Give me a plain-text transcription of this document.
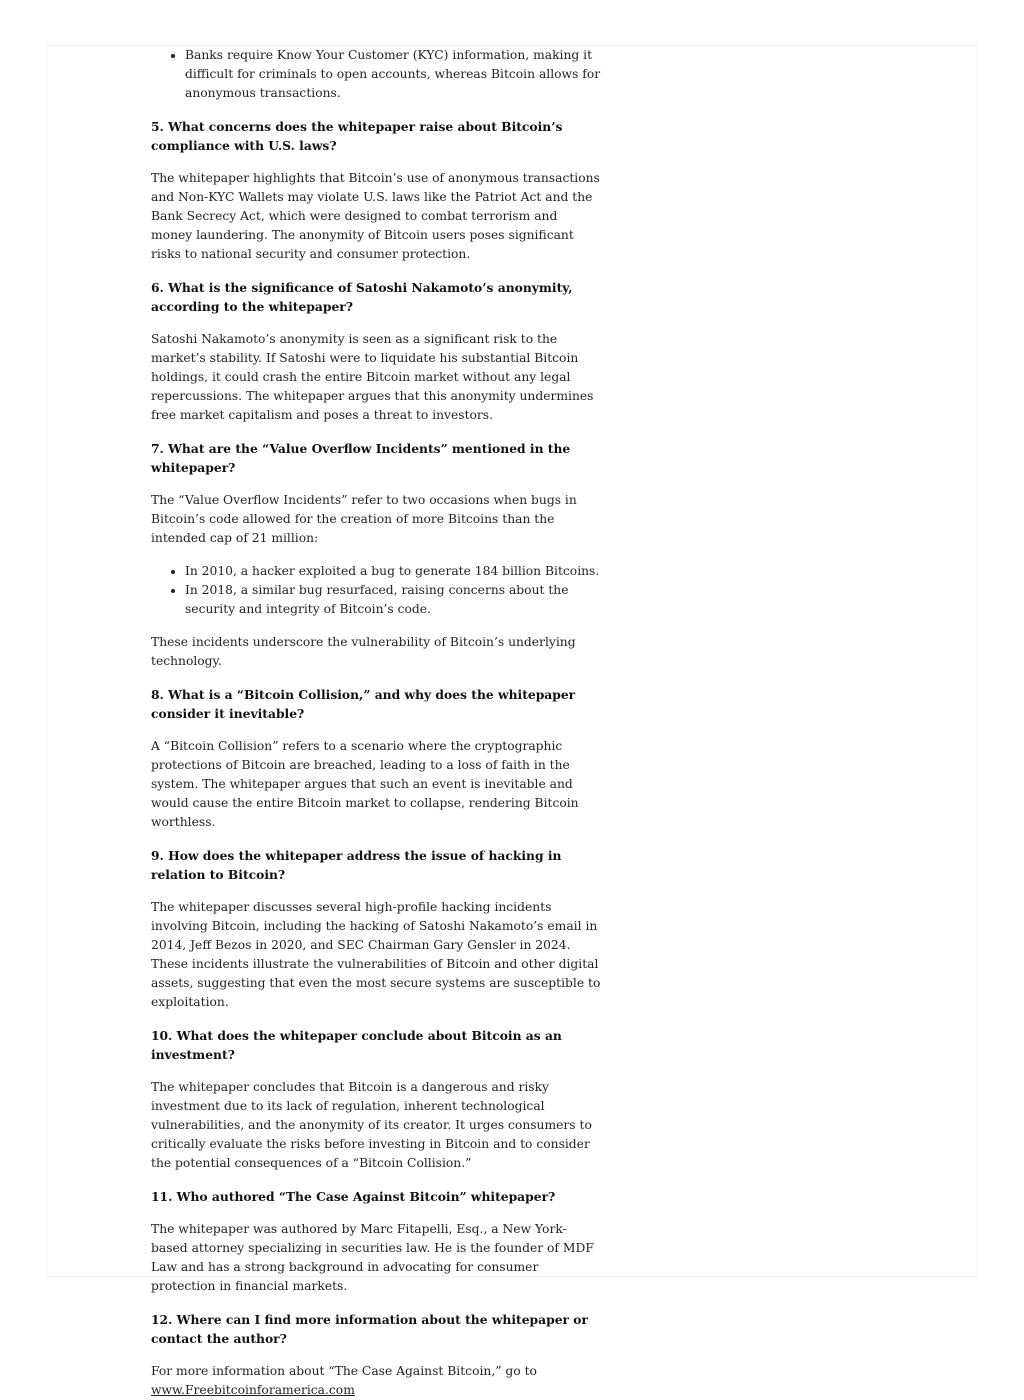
• Banks require Know Your Customer (KYC) information, making it difficult for criminals to open accounts, whereas Bitcoin allows for anonymous transactions.
5. What concerns does the whitepaper raise about Bitcoin’s compliance with U.S. laws?

The whitepaper highlights that Bitcoin’s use of anonymous transactions and Non-KYC Wallets may violate U.S. laws like the Patriot Act and the Bank Secrecy Act, which were designed to combat terrorism and money laundering. The anonymity of Bitcoin users poses significant risks to national security and consumer protection.

6. What is the significance of Satoshi Nakamoto’s anonymity, according to the whitepaper?

Satoshi Nakamoto’s anonymity is seen as a significant risk to the market’s stability. If Satoshi were to liquidate his substantial Bitcoin holdings, it could crash the entire Bitcoin market without any legal repercussions. The whitepaper argues that this anonymity undermines free market capitalism and poses a threat to investors.

7. What are the “Value Overflow Incidents” mentioned in the whitepaper?

The “Value Overflow Incidents” refer to two occasions when bugs in Bitcoin’s code allowed for the creation of more Bitcoins than the intended cap of 21 million:

• In 2010, a hacker exploited a bug to generate 184 billion Bitcoins.
• In 2018, a similar bug resurfaced, raising concerns about the security and integrity of Bitcoin’s code.

These incidents underscore the vulnerability of Bitcoin’s underlying technology.

8. What is a “Bitcoin Collision,” and why does the whitepaper consider it inevitable?

A “Bitcoin Collision” refers to a scenario where the cryptographic protections of Bitcoin are breached, leading to a loss of faith in the system. The whitepaper argues that such an event is inevitable and would cause the entire Bitcoin market to collapse, rendering Bitcoin worthless.

9. How does the whitepaper address the issue of hacking in relation to Bitcoin?

The whitepaper discusses several high-profile hacking incidents involving Bitcoin, including the hacking of Satoshi Nakamoto’s email in 2014, Jeff Bezos in 2020, and SEC Chairman Gary Gensler in 2024. These incidents illustrate the vulnerabilities of Bitcoin and other digital assets, suggesting that even the most secure systems are susceptible to exploitation.

10. What does the whitepaper conclude about Bitcoin as an investment?

The whitepaper concludes that Bitcoin is a dangerous and risky investment due to its lack of regulation, inherent technological vulnerabilities, and the anonymity of its creator. It urges consumers to critically evaluate the risks before investing in Bitcoin and to consider the potential consequences of a “Bitcoin Collision.”

11. Who authored “The Case Against Bitcoin” whitepaper?

The whitepaper was authored by Marc Fitapelli, Esq., a New York-based attorney specializing in securities law. He is the founder of MDF Law and has a strong background in advocating for consumer protection in financial markets.

12. Where can I find more information about the whitepaper or contact the author?

For more information about “The Case Against Bitcoin,” go to
www.Freebitcoinforamerica.com
